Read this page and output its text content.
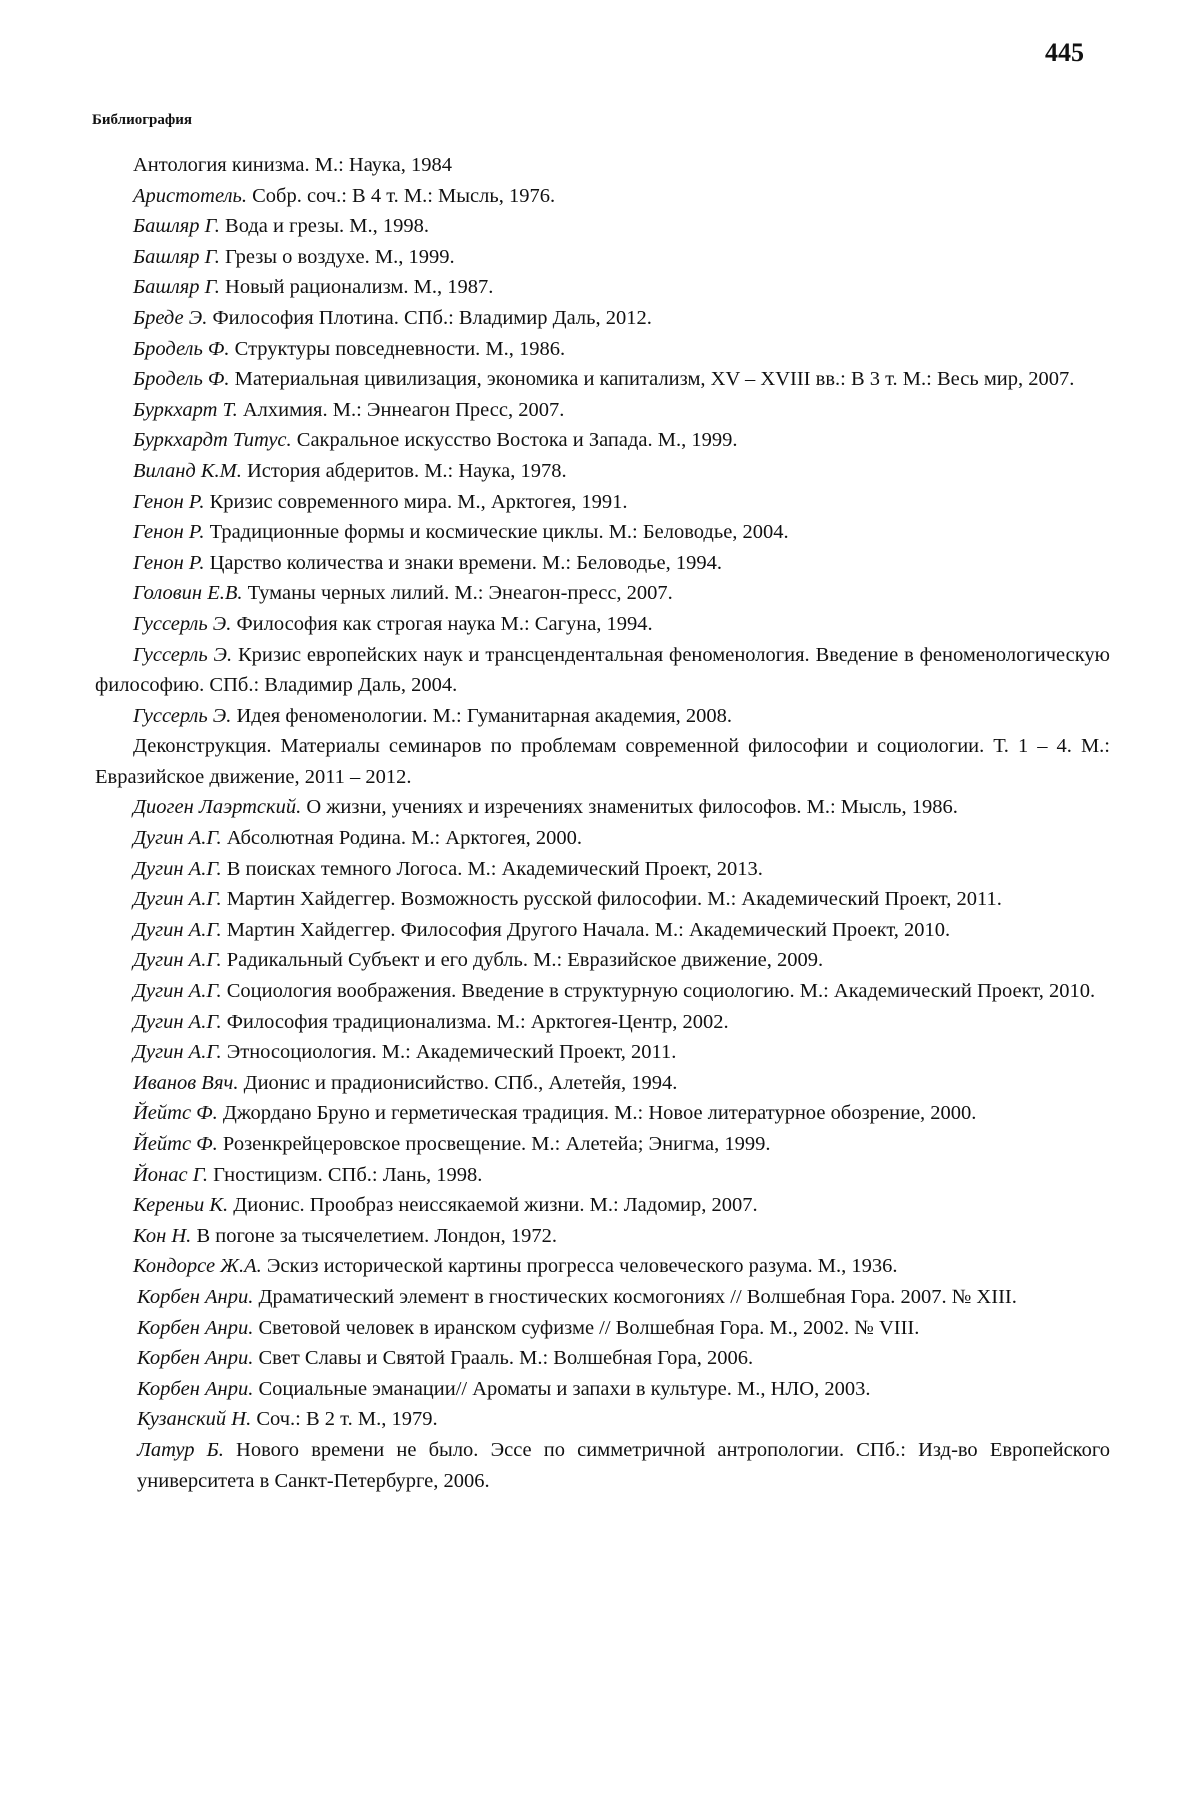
445
Библиография
Антология кинизма. М.: Наука, 1984
Аристотель. Собр. соч.: В 4 т. М.: Мысль, 1976.
Башляр Г. Вода и грезы. М., 1998.
Башляр Г. Грезы о воздухе. М., 1999.
Башляр Г. Новый рационализм. М., 1987.
Бреде Э. Философия Плотина. СПб.: Владимир Даль, 2012.
Бродель Ф. Структуры повседневности. М., 1986.
Бродель Ф. Материальная цивилизация, экономика и капитализм, XV – XVIII вв.: В 3 т. М.: Весь мир, 2007.
Буркхарт Т. Алхимия. М.: Эннеагон Пресс, 2007.
Буркхардт Титус. Сакральное искусство Востока и Запада. М., 1999.
Виланд К.М. История абдеритов. М.: Наука, 1978.
Генон Р. Кризис современного мира. М., Арктогея, 1991.
Генон Р. Традиционные формы и космические циклы. М.: Беловодье, 2004.
Генон Р. Царство количества и знаки времени. М.: Беловодье, 1994.
Головин Е.В. Туманы черных лилий. М.: Энеагон-пресс, 2007.
Гуссерль Э. Философия как строгая наука М.: Сагуна, 1994.
Гуссерль Э. Кризис европейских наук и трансцендентальная феноменология. Введение в феноменологическую философию. СПб.: Владимир Даль, 2004.
Гуссерль Э. Идея феноменологии. М.: Гуманитарная академия, 2008.
Деконструкция. Материалы семинаров по проблемам современной философии и социологии. Т. 1 – 4. М.: Евразийское движение, 2011 – 2012.
Диоген Лаэртский. О жизни, учениях и изречениях знаменитых философов. М.: Мысль, 1986.
Дугин А.Г. Абсолютная Родина. М.: Арктогея, 2000.
Дугин А.Г. В поисках темного Логоса. М.: Академический Проект, 2013.
Дугин А.Г. Мартин Хайдеггер. Возможность русской философии. М.: Академический Проект, 2011.
Дугин А.Г. Мартин Хайдеггер. Философия Другого Начала. М.: Академический Проект, 2010.
Дугин А.Г. Радикальный Субъект и его дубль. М.: Евразийское движение, 2009.
Дугин А.Г. Социология воображения. Введение в структурную социологию. М.: Академический Проект, 2010.
Дугин А.Г. Философия традиционализма. М.: Арктогея-Центр, 2002.
Дугин А.Г. Этносоциология. М.: Академический Проект, 2011.
Иванов Вяч. Дионис и прадионисийство. СПб., Алетейя, 1994.
Йейтс Ф. Джордано Бруно и герметическая традиция. М.: Новое литературное обозрение, 2000.
Йейтс Ф. Розенкрейцеровское просвещение. М.: Алетейа; Энигма, 1999.
Йонас Г. Гностицизм. СПб.: Лань, 1998.
Кереньи К. Дионис. Прообраз неиссякаемой жизни. М.: Ладомир, 2007.
Кон Н. В погоне за тысячелетием. Лондон, 1972.
Кондорсе Ж.А. Эскиз исторической картины прогресса человеческого разума. М., 1936.
Корбен Анри. Драматический элемент в гностических космогониях // Волшебная Гора. 2007. № XIII.
Корбен Анри. Световой человек в иранском суфизме // Волшебная Гора. М., 2002. № VIII.
Корбен Анри. Свет Славы и Святой Грааль. М.: Волшебная Гора, 2006.
Корбен Анри. Социальные эманации// Ароматы и запахи в культуре. М., НЛО, 2003.
Кузанский Н. Соч.: В 2 т. М., 1979.
Латур Б. Нового времени не было. Эссе по симметричной антропологии. СПб.: Изд-во Европейского университета в Санкт-Петербурге, 2006.
